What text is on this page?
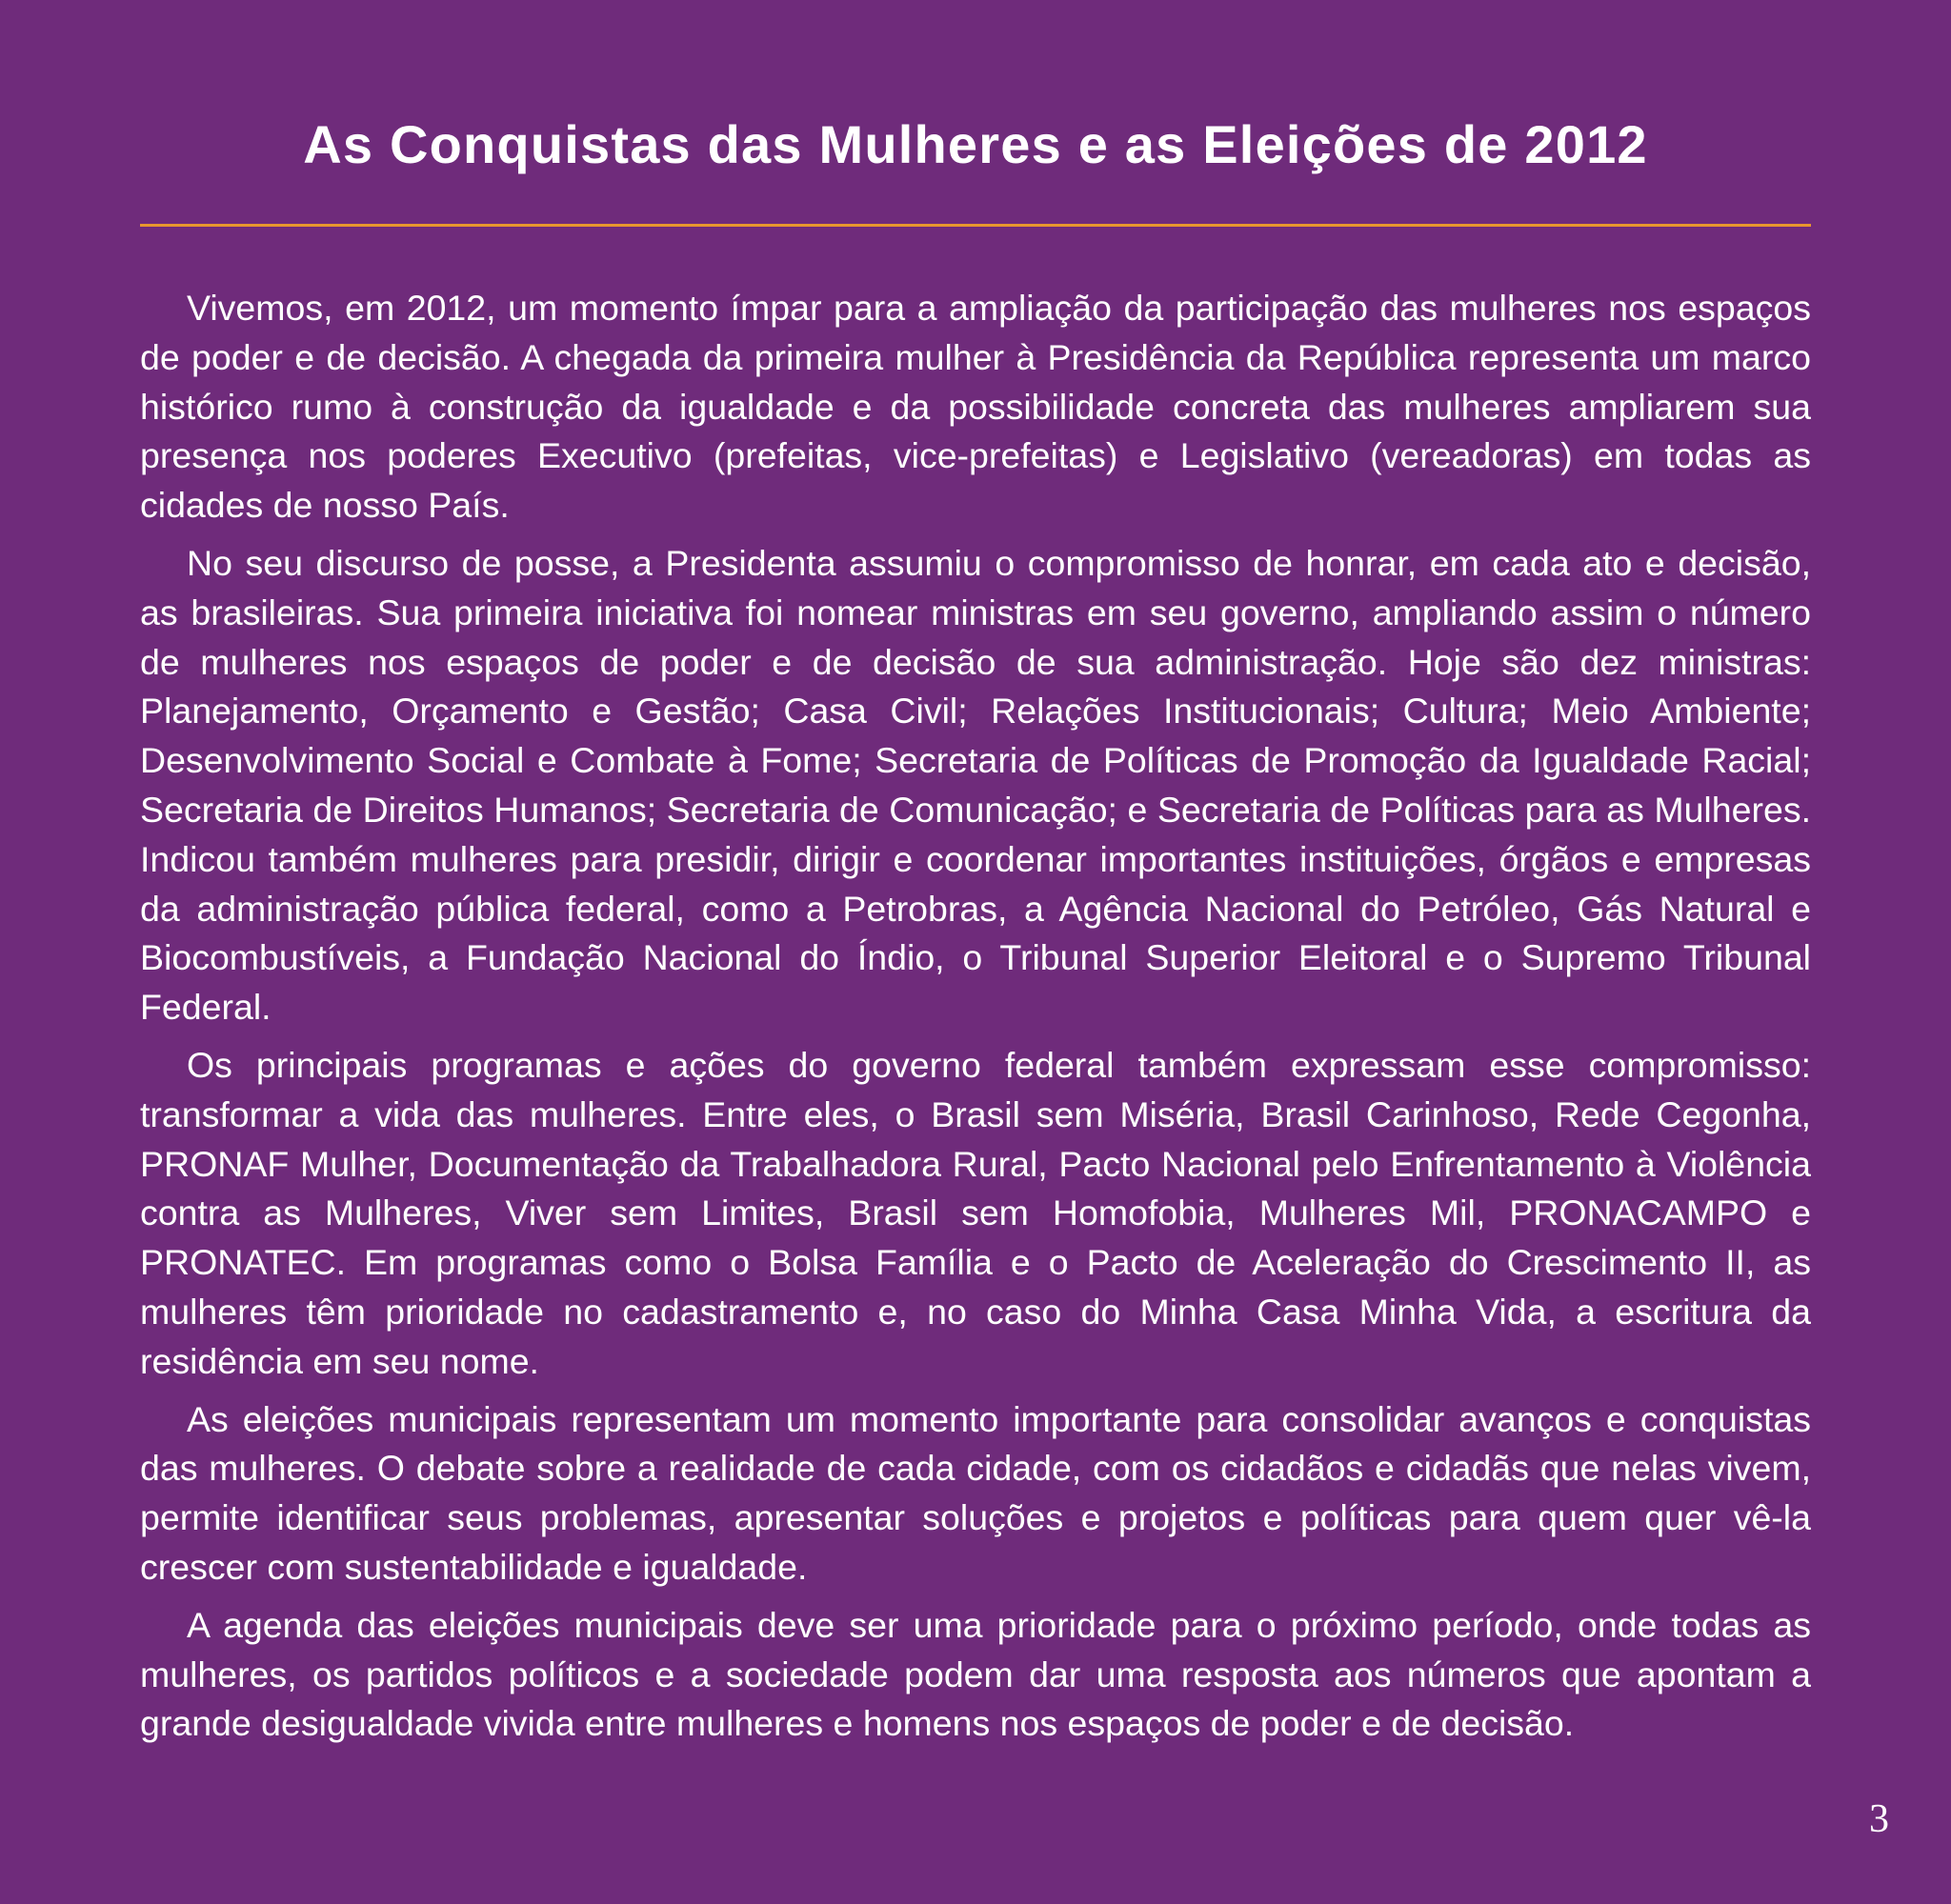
As Conquistas das Mulheres e as Eleições de 2012

Vivemos, em 2012, um momento ímpar para a ampliação da participação das mulheres nos espaços de poder e de decisão. A chegada da primeira mulher à Presidência da República representa um marco histórico rumo à construção da igualdade e da possibilidade concreta das mulheres ampliarem sua presença nos poderes Executivo (prefeitas, vice-prefeitas) e Legislativo (vereadoras) em todas as cidades de nosso País.

No seu discurso de posse, a Presidenta assumiu o compromisso de honrar, em cada ato e decisão, as brasileiras. Sua primeira iniciativa foi nomear ministras em seu governo, ampliando assim o número de mulheres nos espaços de poder e de decisão de sua administração. Hoje são dez ministras: Planejamento, Orçamento e Gestão; Casa Civil; Relações Institucionais; Cultura; Meio Ambiente; Desenvolvimento Social e Combate à Fome; Secretaria de Políticas de Promoção da Igualdade Racial; Secretaria de Direitos Humanos; Secretaria de Comunicação; e Secretaria de Políticas para as Mulheres. Indicou também mulheres para presidir, dirigir e coordenar importantes instituições, órgãos e empresas da administração pública federal, como a Petrobras, a Agência Nacional do Petróleo, Gás Natural e Biocombustíveis, a Fundação Nacional do Índio, o Tribunal Superior Eleitoral e o Supremo Tribunal Federal.

Os principais programas e ações do governo federal também expressam esse compromisso: transformar a vida das mulheres. Entre eles, o Brasil sem Miséria, Brasil Carinhoso, Rede Cegonha, PRONAF Mulher, Documentação da Trabalhadora Rural, Pacto Nacional pelo Enfrentamento à Violência contra as Mulheres, Viver sem Limites, Brasil sem Homofobia, Mulheres Mil, PRONACAMPO e PRONATEC. Em programas como o Bolsa Família e o Pacto de Aceleração do Crescimento II, as mulheres têm prioridade no cadastramento e, no caso do Minha Casa Minha Vida, a escritura da residência em seu nome.

As eleições municipais representam um momento importante para consolidar avanços e conquistas das mulheres. O debate sobre a realidade de cada cidade, com os cidadãos e cidadãs que nelas vivem, permite identificar seus problemas, apresentar soluções e projetos e políticas para quem quer vê-la crescer com sustentabilidade e igualdade.

A agenda das eleições municipais deve ser uma prioridade para o próximo período, onde todas as mulheres, os partidos políticos e a sociedade podem dar uma resposta aos números que apontam a grande desigualdade vivida entre mulheres e homens nos espaços de poder e de decisão.

3
